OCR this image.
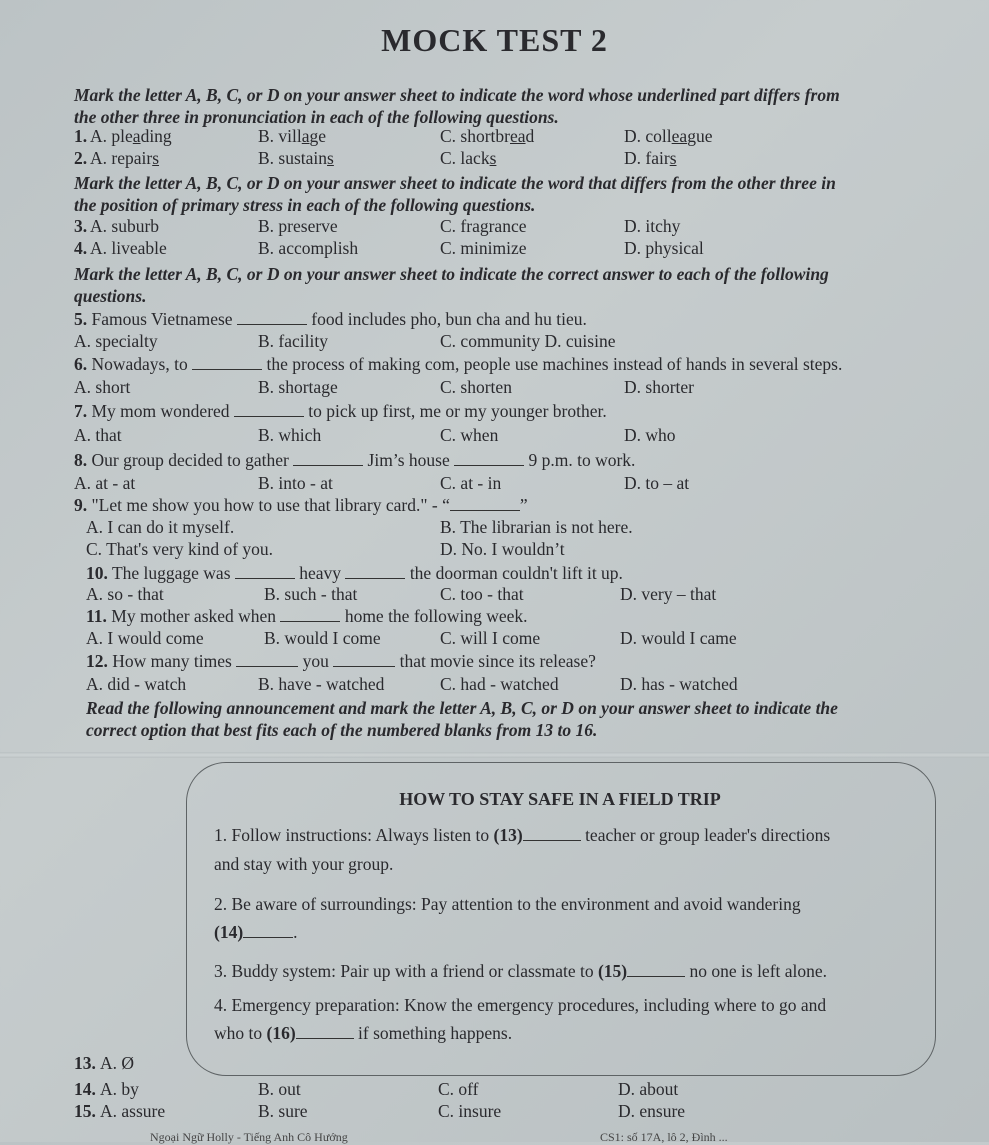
MOCK TEST 2
Mark the letter A, B, C, or D on your answer sheet to indicate the word whose underlined part differs from
the other three in pronunciation in each of the following questions.
1. A. pleading	B. village	C. shortbread	D. colleague
2. A. repairs	B. sustains	C. lacks	D. fairs
Mark the letter A, B, C, or D on your answer sheet to indicate the word that differs from the other three in
the position of primary stress in each of the following questions.
3. A. suburb	B. preserve	C. fragrance	D. itchy
4. A. liveable	B. accomplish	C. minimize	D. physical
Mark the letter A, B, C, or D on your answer sheet to indicate the correct answer to each of the following
questions.
5. Famous Vietnamese	food includes pho, bun cha and hu tieu.
A. specialty	B. facility	C. community D. cuisine
6. Nowadays, to	the process of making com, people use machines instead of hands in several steps.
A. short	B. shortage	C. shorten	D. shorter
7. My mom wondered	to pick up first, me or my younger brother.
A. that	B. which	C. when	D. who
8. Our group decided to gather	Jim’s house	9 p.m. to work.
A. at - at	B. into - at	C. at - in	D. to – at
9. "Let me show you how to use that library card." - “	”
A. I can do it myself.	B. The librarian is not here.
C. That's very kind of you.	D. No. I wouldn’t
10. The luggage was	heavy	the doorman couldn't lift it up.
A. so - that	B. such - that	C. too - that	D. very – that
11. My mother asked when	home the following week.
A. I would come	B. would I come	C. will I come	D. would I came
12. How many times	you	that movie since its release?
A. did - watch	B. have - watched	C. had - watched	D. has - watched
Read the following announcement and mark the letter A, B, C, or D on your answer sheet to indicate the
correct option that best fits each of the numbered blanks from 13 to 16.
HOW TO STAY SAFE IN A FIELD TRIP
1. Follow instructions: Always listen to (13)	teacher or group leader's directions
and stay with your group.
2. Be aware of surroundings: Pay attention to the environment and avoid wandering
(14)	.
3. Buddy system: Pair up with a friend or classmate to (15)	no one is left alone.
4. Emergency preparation: Know the emergency procedures, including where to go and
who to (16)	if something happens.
13. A. Ø
14. A. by	B. out	C. off	D. about
15. A. assure	B. sure	C. insure	D. ensure
Ngoại Ngữ Holly - Tiếng Anh Cô Hướng	CS1: số 17A, lô 2, Đình ...
